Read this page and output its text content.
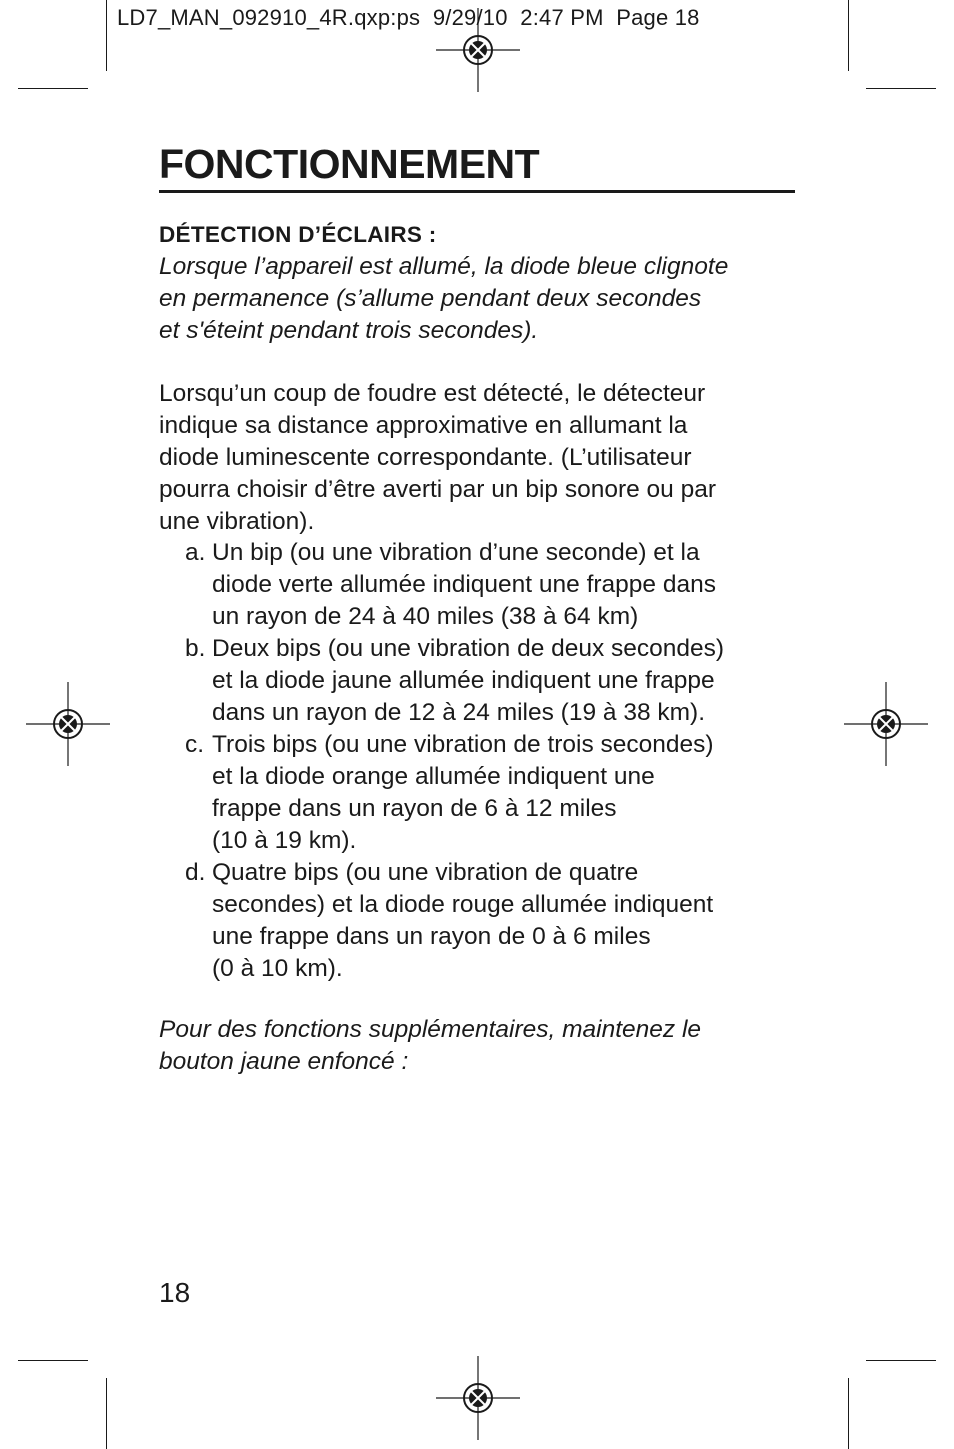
LD7_MAN_092910_4R.qxp:ps  9/29/10  2:47 PM  Page 18
FONCTIONNEMENT
DÉTECTION D’ÉCLAIRS :
Lorsque l’appareil est allumé, la diode bleue clignote
en permanence (s’allume pendant deux secondes
et s'éteint pendant trois secondes).
Lorsqu’un coup de foudre est détecté, le détecteur
indique sa distance approximative en allumant la
diode luminescente correspondante. (L’utilisateur
pourra choisir d’être averti par un bip sonore ou par
une vibration).
a. Un bip (ou une vibration d’une seconde) et la
diode verte allumée indiquent une frappe dans
un rayon de 24 à 40 miles (38 à 64 km)
b. Deux bips (ou une vibration de deux secondes)
et la diode jaune allumée indiquent une frappe
dans un rayon de 12 à 24 miles (19 à 38 km).
c. Trois bips (ou une vibration de trois secondes)
et la diode orange allumée indiquent une
frappe dans un rayon de 6 à 12 miles
(10 à 19 km).
d. Quatre bips (ou une vibration de quatre
secondes) et la diode rouge allumée indiquent
une frappe dans un rayon de 0 à 6 miles
(0 à 10 km).
Pour des fonctions supplémentaires, maintenez le
bouton jaune enfoncé :
18
